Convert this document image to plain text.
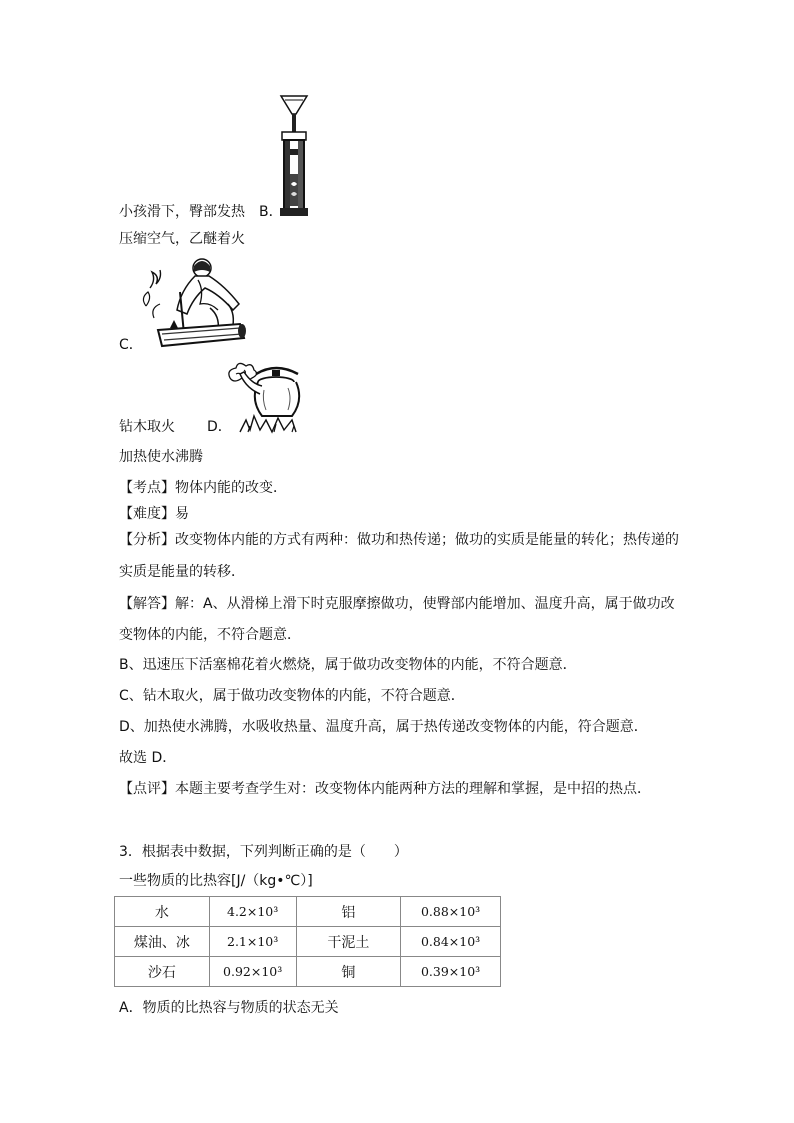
小孩滑下，臀部发热 B．
压缩空气，乙醚着火
C．
钻木取火 D．
加热使水沸腾
【考点】物体内能的改变．
【难度】易
【分析】改变物体内能的方式有两种：做功和热传递；做功的实质是能量的转化；热传递的
实质是能量的转移．
【解答】解：A、从滑梯上滑下时克服摩擦做功，使臀部内能增加、温度升高，属于做功改
变物体的内能，不符合题意．
B、迅速压下活塞棉花着火燃烧，属于做功改变物体的内能，不符合题意．
C、钻木取火，属于做功改变物体的内能，不符合题意．
D、加热使水沸腾，水吸收热量、温度升高，属于热传递改变物体的内能，符合题意．
故选 D．
【点评】本题主要考查学生对：改变物体内能两种方法的理解和掌握，是中招的热点．
3．根据表中数据，下列判断正确的是（　　）
一些物质的比热容[J/（kg•℃）]
水	4.2×10³	铝	0.88×10³
煤油、冰	2.1×10³	干泥土	0.84×10³
沙石	0.92×10³	铜	0.39×10³
A．物质的比热容与物质的状态无关
